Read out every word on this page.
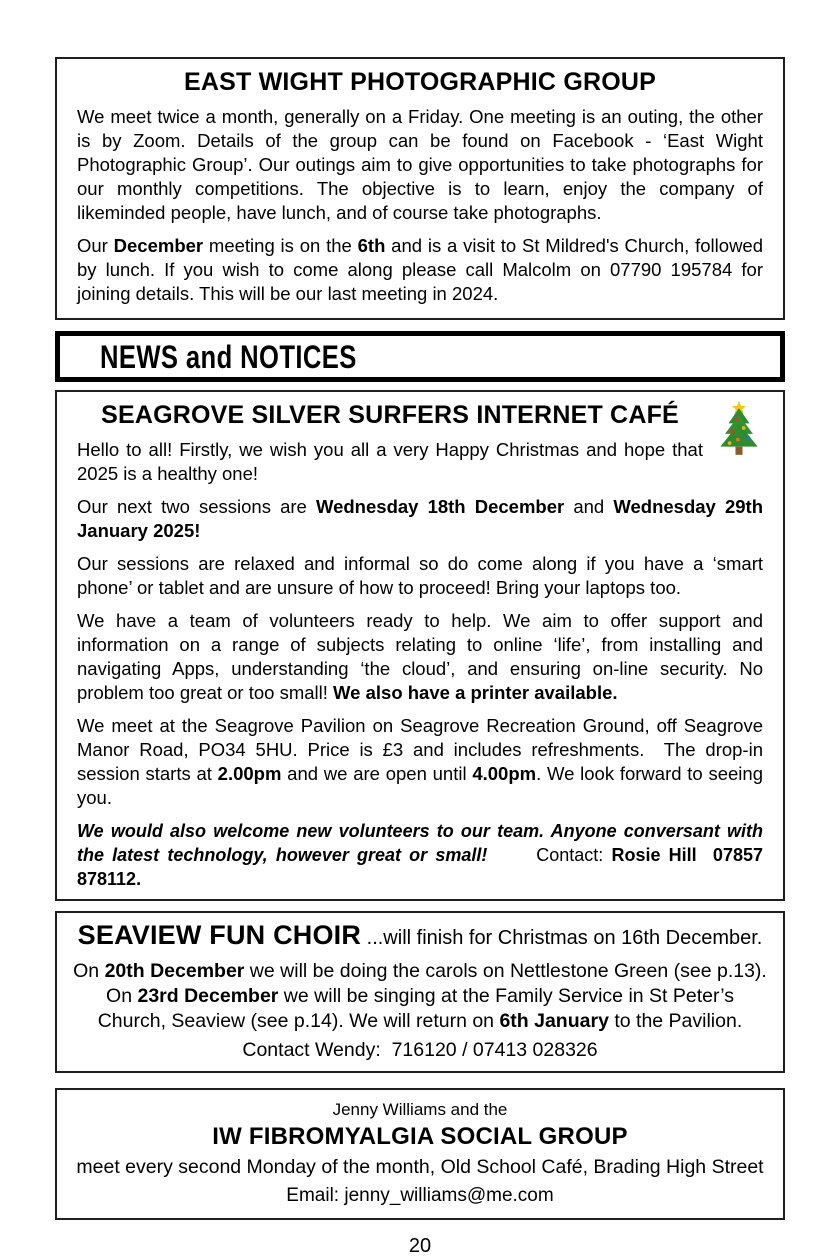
EAST WIGHT PHOTOGRAPHIC GROUP

We meet twice a month, generally on a Friday. One meeting is an outing, the other is by Zoom. Details of the group can be found on Facebook - ‘East Wight Photographic Group’. Our outings aim to give opportunities to take photographs for our monthly competitions. The objective is to learn, enjoy the company of likeminded people, have lunch, and of course take photographs.

Our December meeting is on the 6th and is a visit to St Mildred's Church, followed by lunch. If you wish to come along please call Malcolm on 07790 195784 for joining details. This will be our last meeting in 2024.

NEWS and NOTICES
SEAGROVE SILVER SURFERS INTERNET CAFÉ

Hello to all! Firstly, we wish you all a very Happy Christmas and hope that 2025 is a healthy one!

Our next two sessions are Wednesday 18th December and Wednesday 29th January 2025!

Our sessions are relaxed and informal so do come along if you have a ‘smart phone’ or tablet and are unsure of how to proceed! Bring your laptops too.

We have a team of volunteers ready to help. We aim to offer support and information on a range of subjects relating to online ‘life’, from installing and navigating Apps, understanding ‘the cloud’, and ensuring on-line security. No problem too great or too small! We also have a printer available.

We meet at the Seagrove Pavilion on Seagrove Recreation Ground, off Seagrove Manor Road, PO34 5HU. Price is £3 and includes refreshments.  The drop-in session starts at 2.00pm and we are open until 4.00pm. We look forward to seeing you.

We would also welcome new volunteers to our team. Anyone conversant with the latest technology, however great or small!      Contact: Rosie Hill  07857 878112.

SEAVIEW FUN CHOIR ...will finish for Christmas on 16th December.

On 20th December we will be doing the carols on Nettlestone Green (see p.13). On 23rd December we will be singing at the Family Service in St Peter’s Church, Seaview (see p.14). We will return on 6th January to the Pavilion.

Contact Wendy:  716120 / 07413 028326

Jenny Williams and the

IW FIBROMYALGIA SOCIAL GROUP

meet every second Monday of the month, Old School Café, Brading High Street

Email: jenny_williams@me.com

20
